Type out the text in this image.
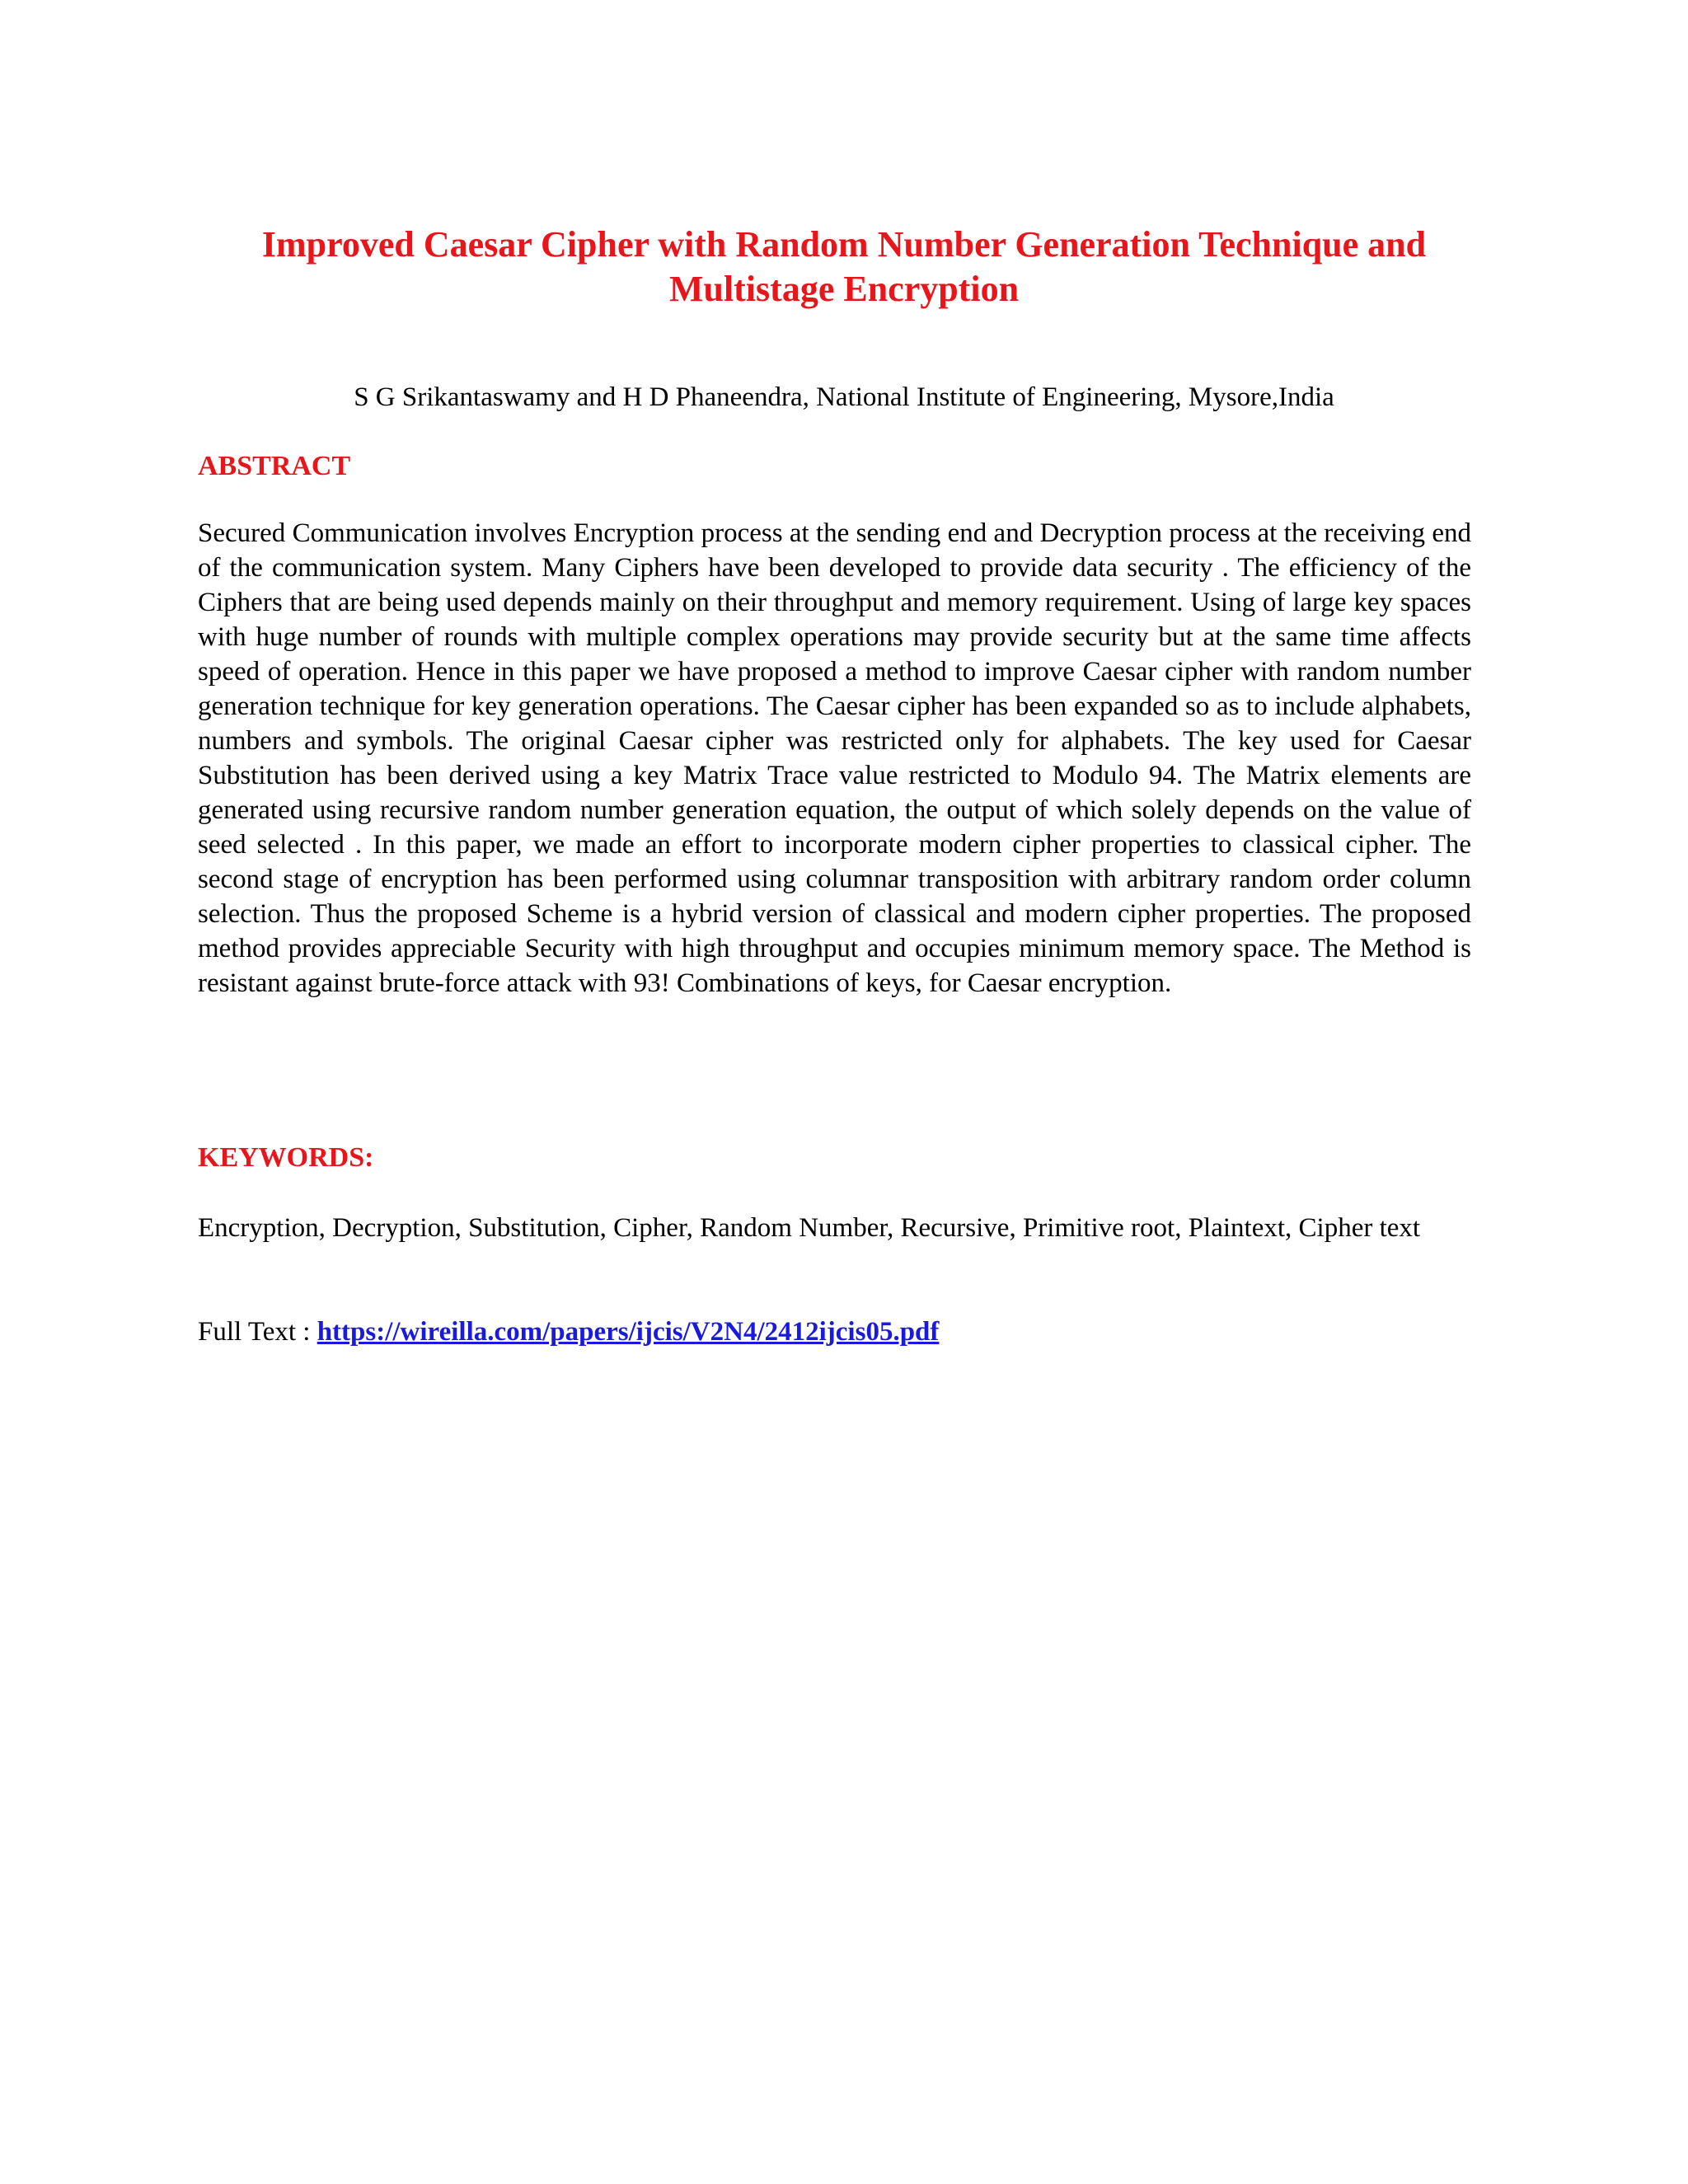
Improved Caesar Cipher with Random Number Generation Technique and Multistage Encryption
S G Srikantaswamy and H D Phaneendra, National Institute of Engineering, Mysore,India
ABSTRACT
Secured Communication involves Encryption process at the sending end and Decryption process at the receiving end of the communication system. Many Ciphers have been developed to provide data security . The efficiency of the Ciphers that are being used depends mainly on their throughput and memory requirement. Using of large key spaces with huge number of rounds with multiple complex operations may provide security but at the same time affects speed of operation. Hence in this paper we have proposed a method to improve Caesar cipher with random number generation technique for key generation operations. The Caesar cipher has been expanded so as to include alphabets, numbers and symbols. The original Caesar cipher was restricted only for alphabets. The key used for Caesar Substitution has been derived using a key Matrix Trace value restricted to Modulo 94. The Matrix elements are generated using recursive random number generation equation, the output of which solely depends on the value of seed selected . In this paper, we made an effort to incorporate modern cipher properties to classical cipher. The second stage of encryption has been performed using columnar transposition with arbitrary random order column selection. Thus the proposed Scheme is a hybrid version of classical and modern cipher properties. The proposed method provides appreciable Security with high throughput and occupies minimum memory space. The Method is resistant against brute-force attack with 93! Combinations of keys, for Caesar encryption.
KEYWORDS:
Encryption, Decryption, Substitution, Cipher, Random Number, Recursive, Primitive root, Plaintext, Cipher text
Full Text : https://wireilla.com/papers/ijcis/V2N4/2412ijcis05.pdf
